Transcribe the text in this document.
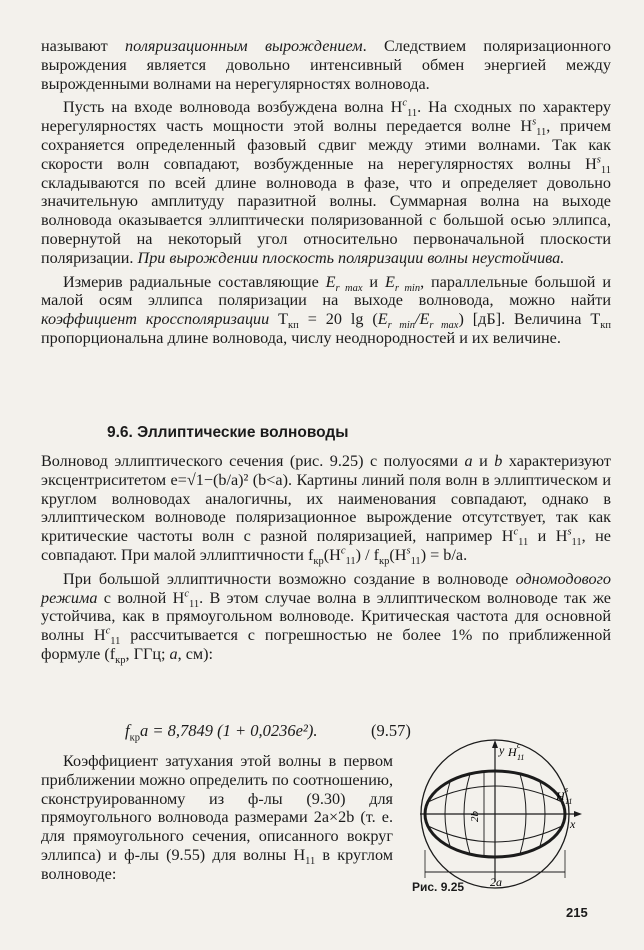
называют поляризационным вырождением. Следствием поляризационного вырождения является довольно интенсивный обмен энергией между вырожденными волнами на нерегулярностях волновода.

Пусть на входе волновода возбуждена волна $H^c_{11}$. На сходных по характеру нерегулярностях часть мощности этой волны передается волне $H^s_{11}$, причем сохраняется определенный фазовый сдвиг между этими волнами. Так как скорости волн совпадают, возбужденные на нерегулярностях волны $H^s_{11}$ складываются по всей длине волновода в фазе, что и определяет довольно значительную амплитуду паразитной волны. Суммарная волна на выходе волновода оказывается эллиптически поляризованной с большой осью эллипса, повернутой на некоторый угол относительно первоначальной плоскости поляризации. При вырождении плоскость поляризации волны неустойчива.

Измерив радиальные составляющие $E_{r max}$ и $E_{r min}$, параллельные большой и малой осям эллипса поляризации на выходе волновода, можно найти коэффициент кроссполяризации $T_{кп} = 20$ $\lg (E_{r min}/E_{r max})$ [дБ]. Величина $T_{кп}$ пропорциональна длине волновода, числу неоднородностей и их величине.

9.6. Эллиптические волноводы

Волновод эллиптического сечения (рис. 9.25) с полуосями a и b характеризуют эксцентриситетом e=√1−(b/a)² (b<a). Картины линий поля волн в эллиптическом и круглом волноводах аналогичны, их наименования совпадают, однако в эллиптическом волноводе поляризационное вырождение отсутствует, так как критические частоты волн с разной поляризацией, например $H^c_{11}$ и $H^s_{11}$, не совпадают. При малой эллиптичности $f_{кр}(H^c_{11}) / f_{кр}(H^s_{11}) = b/a$.

При большой эллиптичности возможно создание в волноводе одномодового режима с волной $H^c_{11}$. В этом случае волна в эллиптическом волноводе так же устойчива, как в прямоугольном волноводе. Критическая частота для основной волны $H^c_{11}$ рассчитывается с погрешностью не более 1% по приближенной формуле ($f_{кр}$, ГГц; a, см):

$f_{кр}a = 8,7849$ (1 + 0,0236e²).	(9.57)

Коэффициент затухания этой волны в первом приближении можно определить по соотношению, сконструированному из ф-лы (9.30) для прямоугольного волновода размерами 2a×2b (т. е. для прямоугольного сечения, описанного вокруг эллипса) и ф-лы (9.55) для волны $H_{11}$ в круглом волноводе:

2b
2a
y H c
11
H s
11
x
Рис. 9.25
215
